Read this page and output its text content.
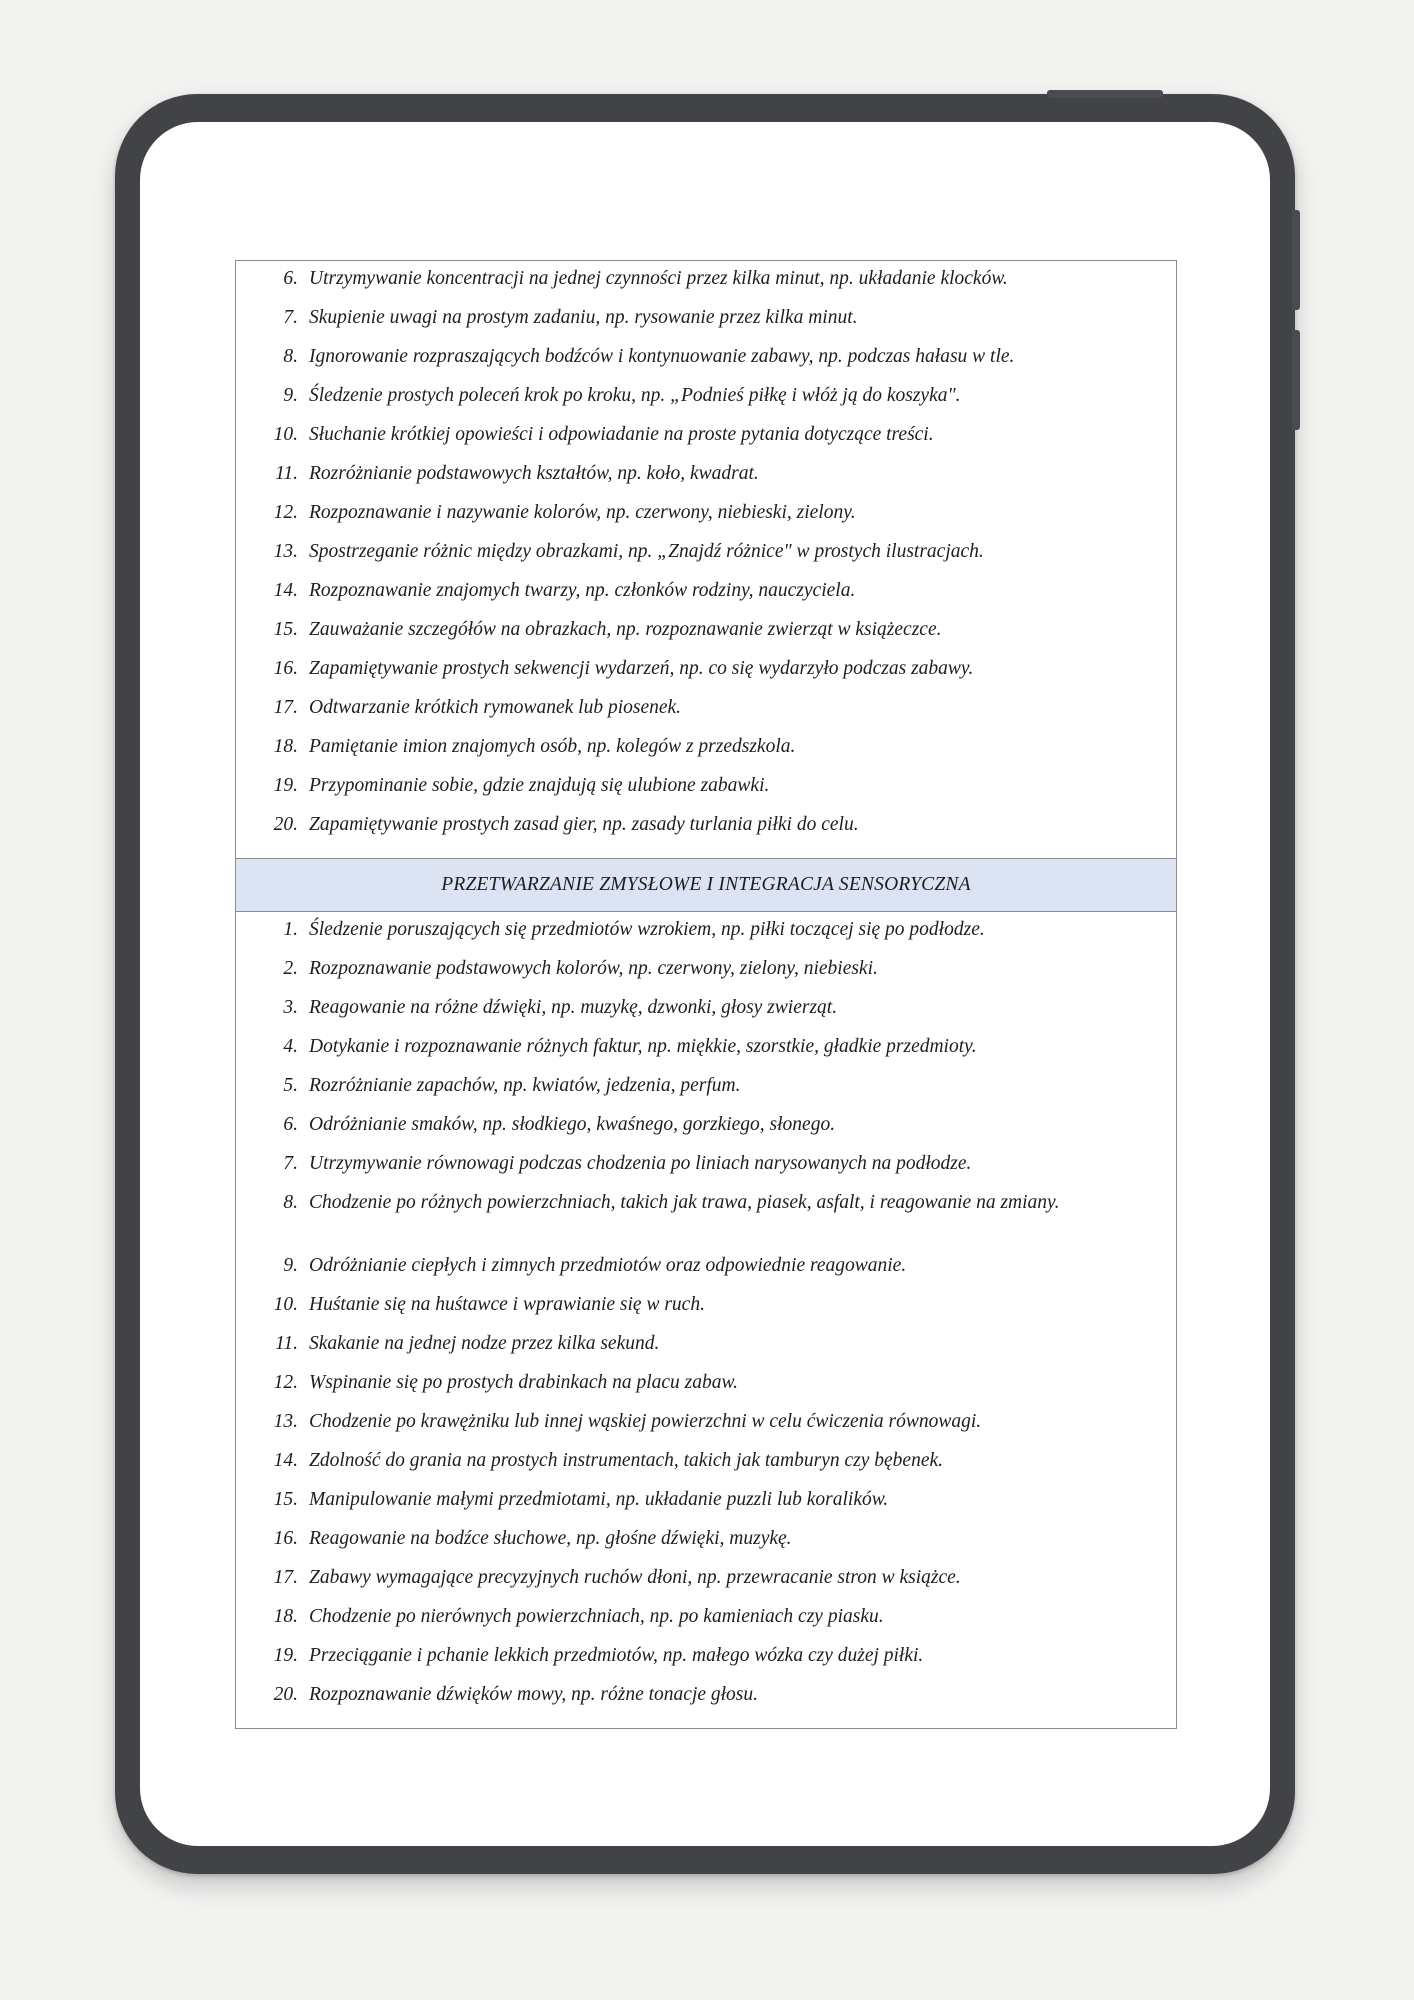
6. Utrzymywanie koncentracji na jednej czynności przez kilka minut, np. układanie klocków.
7. Skupienie uwagi na prostym zadaniu, np. rysowanie przez kilka minut.
8. Ignorowanie rozpraszających bodźców i kontynuowanie zabawy, np. podczas hałasu w tle.
9. Śledzenie prostych poleceń krok po kroku, np. „Podnieś piłkę i włóż ją do koszyka".
10. Słuchanie krótkiej opowieści i odpowiadanie na proste pytania dotyczące treści.
11. Rozróżnianie podstawowych kształtów, np. koło, kwadrat.
12. Rozpoznawanie i nazywanie kolorów, np. czerwony, niebieski, zielony.
13. Spostrzeganie różnic między obrazkami, np. „Znajdź różnice" w prostych ilustracjach.
14. Rozpoznawanie znajomych twarzy, np. członków rodziny, nauczyciela.
15. Zauważanie szczegółów na obrazkach, np. rozpoznawanie zwierząt w książeczce.
16. Zapamiętywanie prostych sekwencji wydarzeń, np. co się wydarzyło podczas zabawy.
17. Odtwarzanie krótkich rymowanek lub piosenek.
18. Pamiętanie imion znajomych osób, np. kolegów z przedszkola.
19. Przypominanie sobie, gdzie znajdują się ulubione zabawki.
20. Zapamiętywanie prostych zasad gier, np. zasady turlania piłki do celu.
PRZETWARZANIE ZMYSŁOWE I INTEGRACJA SENSORYCZNA
1. Śledzenie poruszających się przedmiotów wzrokiem, np. piłki toczącej się po podłodze.
2. Rozpoznawanie podstawowych kolorów, np. czerwony, zielony, niebieski.
3. Reagowanie na różne dźwięki, np. muzykę, dzwonki, głosy zwierząt.
4. Dotykanie i rozpoznawanie różnych faktur, np. miękkie, szorstkie, gładkie przedmioty.
5. Rozróżnianie zapachów, np. kwiatów, jedzenia, perfum.
6. Odróżnianie smaków, np. słodkiego, kwaśnego, gorzkiego, słonego.
7. Utrzymywanie równowagi podczas chodzenia po liniach narysowanych na podłodze.
8. Chodzenie po różnych powierzchniach, takich jak trawa, piasek, asfalt, i reagowanie na zmiany.
9. Odróżnianie ciepłych i zimnych przedmiotów oraz odpowiednie reagowanie.
10. Huśtanie się na huśtawce i wprawianie się w ruch.
11. Skakanie na jednej nodze przez kilka sekund.
12. Wspinanie się po prostych drabinkach na placu zabaw.
13. Chodzenie po krawężniku lub innej wąskiej powierzchni w celu ćwiczenia równowagi.
14. Zdolność do grania na prostych instrumentach, takich jak tamburyn czy bębenek.
15. Manipulowanie małymi przedmiotami, np. układanie puzzli lub koralików.
16. Reagowanie na bodźce słuchowe, np. głośne dźwięki, muzykę.
17. Zabawy wymagające precyzyjnych ruchów dłoni, np. przewracanie stron w książce.
18. Chodzenie po nierównych powierzchniach, np. po kamieniach czy piasku.
19. Przeciąganie i pchanie lekkich przedmiotów, np. małego wózka czy dużej piłki.
20. Rozpoznawanie dźwięków mowy, np. różne tonacje głosu.
